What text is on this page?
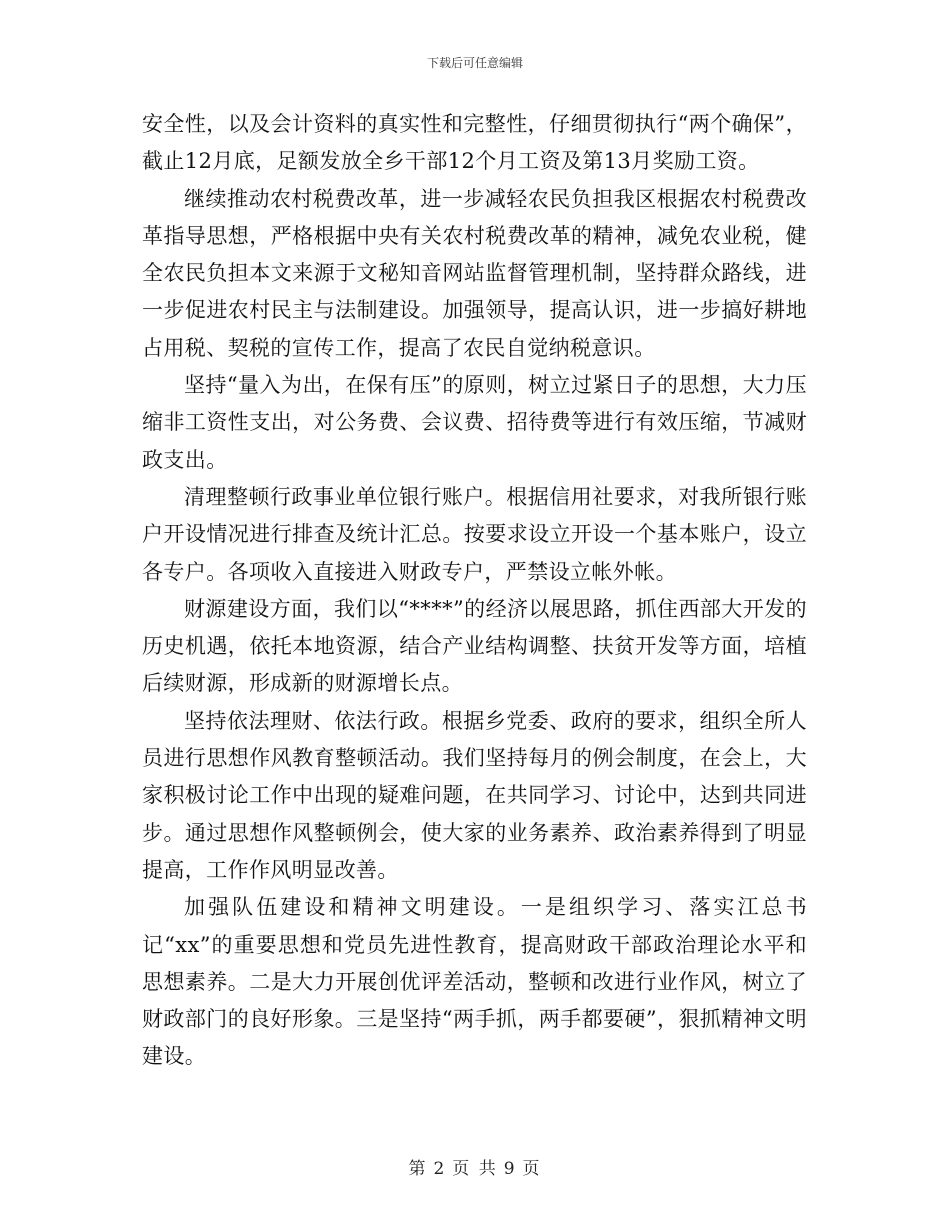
下载后可任意编辑

安全性，以及会计资料的真实性和完整性，仔细贯彻执行“两个确保”，截止12月底，足额发放全乡干部12个月工资及第13月奖励工资。

继续推动农村税费改革，进一步减轻农民负担我区根据农村税费改革指导思想，严格根据中央有关农村税费改革的精神，减免农业税，健全农民负担本文来源于文秘知音网站监督管理机制，坚持群众路线，进一步促进农村民主与法制建设。加强领导，提高认识，进一步搞好耕地占用税、契税的宣传工作，提高了农民自觉纳税意识。

坚持“量入为出，在保有压”的原则，树立过紧日子的思想，大力压缩非工资性支出，对公务费、会议费、招待费等进行有效压缩，节减财政支出。

清理整顿行政事业单位银行账户。根据信用社要求，对我所银行账户开设情况进行排查及统计汇总。按要求设立开设一个基本账户，设立各专户。各项收入直接进入财政专户，严禁设立帐外帐。

财源建设方面，我们以“****”的经济以展思路，抓住西部大开发的历史机遇，依托本地资源，结合产业结构调整、扶贫开发等方面，培植后续财源，形成新的财源增长点。

坚持依法理财、依法行政。根据乡党委、政府的要求，组织全所人员进行思想作风教育整顿活动。我们坚持每月的例会制度，在会上，大家积极讨论工作中出现的疑难问题，在共同学习、讨论中，达到共同进步。通过思想作风整顿例会，使大家的业务素养、政治素养得到了明显提高，工作作风明显改善。

加强队伍建设和精神文明建设。一是组织学习、落实江总书记“xx”的重要思想和党员先进性教育，提高财政干部政治理论水平和思想素养。二是大力开展创优评差活动，整顿和改进行业作风，树立了财政部门的良好形象。三是坚持“两手抓，两手都要硬”，狠抓精神文明建设。

第 2 页 共 9 页
